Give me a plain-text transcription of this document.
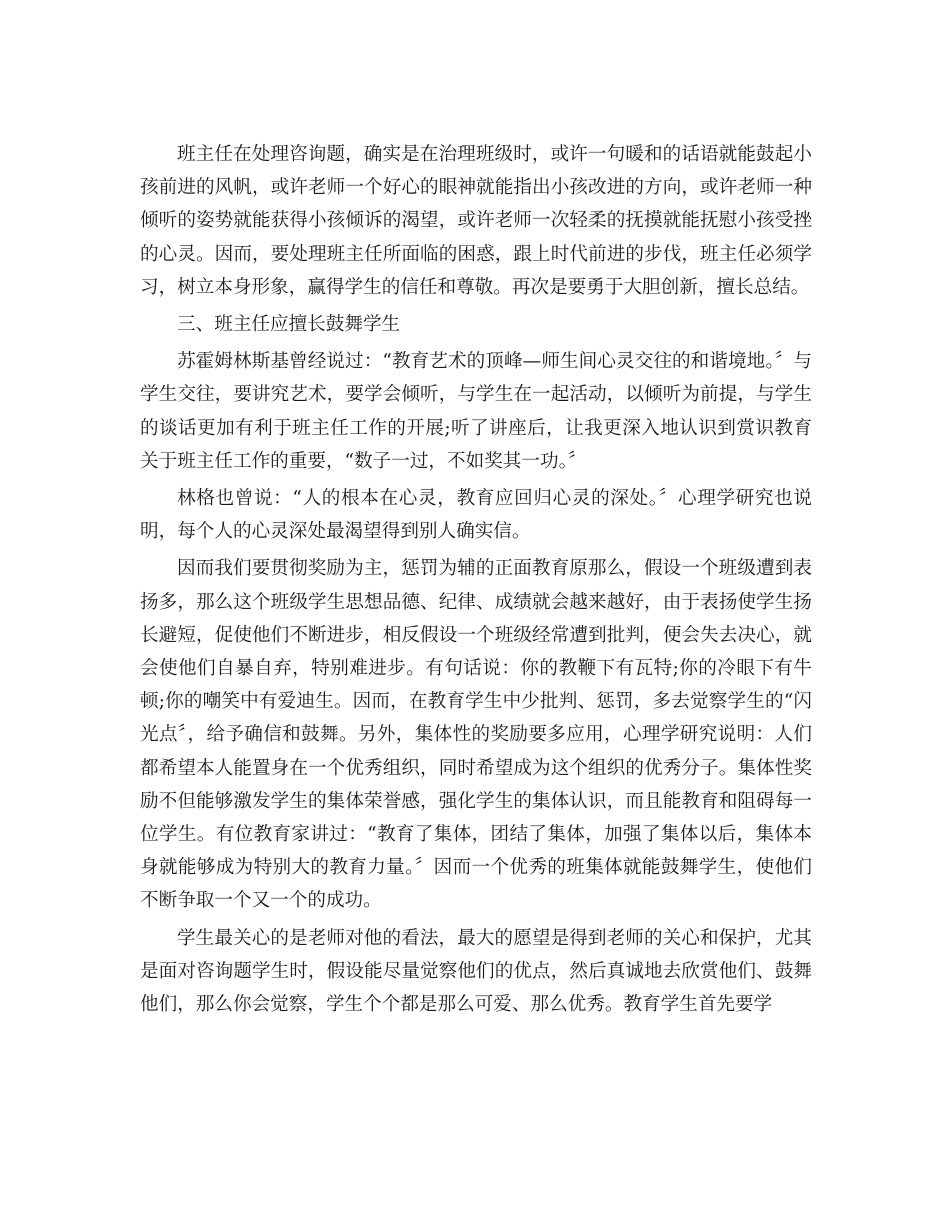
班主任在处理咨询题，确实是在治理班级时，或许一句暖和的话语就能鼓起小孩前进的风帆，或许老师一个好心的眼神就能指出小孩改进的方向，或许老师一种倾听的姿势就能获得小孩倾诉的渴望，或许老师一次轻柔的抚摸就能抚慰小孩受挫的心灵。因而，要处理班主任所面临的困惑，跟上时代前进的步伐，班主任必须学习，树立本身形象，赢得学生的信任和尊敬。再次是要勇于大胆创新，擅长总结。

三、班主任应擅长鼓舞学生

苏霍姆林斯基曾经说过：“教育艺术的顶峰—师生间心灵交往的和谐境地。〞与学生交往，要讲究艺术，要学会倾听，与学生在一起活动，以倾听为前提，与学生的谈话更加有利于班主任工作的开展;听了讲座后，让我更深入地认识到赏识教育关于班主任工作的重要，“数子一过，不如奖其一功。〞

林格也曾说：“人的根本在心灵，教育应回归心灵的深处。〞心理学研究也说明，每个人的心灵深处最渴望得到别人确实信。

因而我们要贯彻奖励为主，惩罚为辅的正面教育原那么，假设一个班级遭到表扬多，那么这个班级学生思想品德、纪律、成绩就会越来越好，由于表扬使学生扬长避短，促使他们不断进步，相反假设一个班级经常遭到批判，便会失去决心，就会使他们自暴自弃，特别难进步。有句话说：你的教鞭下有瓦特;你的冷眼下有牛顿;你的嘲笑中有爱迪生。因而，在教育学生中少批判、惩罚，多去觉察学生的“闪光点〞，给予确信和鼓舞。另外，集体性的奖励要多应用，心理学研究说明：人们都希望本人能置身在一个优秀组织，同时希望成为这个组织的优秀分子。集体性奖励不但能够激发学生的集体荣誉感，强化学生的集体认识，而且能教育和阻碍每一位学生。有位教育家讲过：“教育了集体，团结了集体，加强了集体以后，集体本身就能够成为特别大的教育力量。〞因而一个优秀的班集体就能鼓舞学生，使他们不断争取一个又一个的成功。

学生最关心的是老师对他的看法，最大的愿望是得到老师的关心和保护，尤其是面对咨询题学生时，假设能尽量觉察他们的优点，然后真诚地去欣赏他们、鼓舞他们，那么你会觉察，学生个个都是那么可爱、那么优秀。教育学生首先要学
